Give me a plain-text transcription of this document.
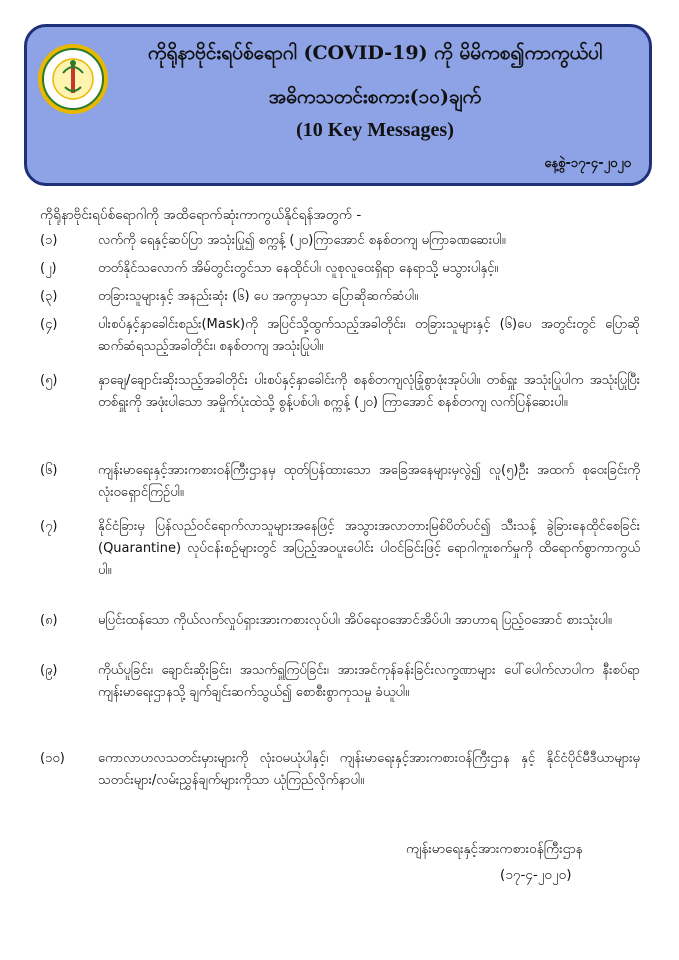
ကိုရိုနာဗိုင်းရပ်စ်ရောဂါ (COVID-19) ကို မိမိကစ၍ကာကွယ်ပါ
အဓိကသတင်းစကား(၁၀)ချက်
(10 Key Messages)
နေ့စွဲ-၁၇-၄-၂၀၂၀
ကိုရိုနာဗိုင်းရပ်စ်ရောဂါကို အထိရောက်ဆုံးကာကွယ်နိုင်ရန်အတွက် -
(၁)	လက်ကို ရေနှင့်ဆပ်ပြာ အသုံးပြု၍ စက္ကန့် (၂၀)ကြာအောင် စနစ်တကျ မကြာခဏဆေးပါ။
(၂)	တတ်နိုင်သလောက် အိမ်တွင်းတွင်သာ နေထိုင်ပါ၊ လူစုလူဝေးရှိရာ နေရာသို့ မသွားပါနှင့်။
(၃)	တခြားသူများနှင့် အနည်းဆုံး (၆) ပေ အကွာမှသာ ပြောဆိုဆက်ဆံပါ။
(၄)	ပါးစပ်နှင့်နှာခေါင်းစည်း(Mask)ကို အပြင်သို့ထွက်သည့်အခါတိုင်း၊ တခြားသူများနှင့် (၆)ပေ အတွင်းတွင် ပြောဆိုဆက်ဆံရသည့်အခါတိုင်း၊ စနစ်တကျ အသုံးပြုပါ။
(၅)	နှာချေ/ချောင်းဆိုးသည့်အခါတိုင်း ပါးစပ်နှင့်နှာခေါင်းကို စနစ်တကျလုံခြုံစွာဖုံးအုပ်ပါ။ တစ်ရှူး အသုံးပြုပါက အသုံးပြုပြီးတစ်ရှူးကို အဖုံးပါသော အမှိုက်ပုံးထဲသို့ စွန့်ပစ်ပါ၊ စက္ကန့် (၂၀) ကြာအောင် စနစ်တကျ လက်ပြန်ဆေးပါ။
(၆)	ကျန်းမာရေးနှင့်အားကစားဝန်ကြီးဌာနမှ ထုတ်ပြန်ထားသော အခြေအနေများမှလွဲ၍ လူ(၅)ဦး အထက် စုဝေးခြင်းကို လုံးဝရှောင်ကြဉ်ပါ။
(၇)	နိုင်ငံခြားမှ ပြန်လည်ဝင်ရောက်လာသူများအနေဖြင့် အသွားအလာတားမြစ်ပိတ်ပင်၍ သီးသန့် ခွဲခြားနေထိုင်စေခြင်း (Quarantine) လုပ်ငန်းစဉ်များတွင် အပြည့်အဝပူးပေါင်း ပါဝင်ခြင်းဖြင့် ရောဂါကူးစက်မှုကို ထိရောက်စွာကာကွယ်ပါ။
(၈)	မပြင်းထန်သော ကိုယ်လက်လှုပ်ရှားအားကစားလုပ်ပါ၊ အိပ်ရေးဝအောင်အိပ်ပါ၊ အာဟာရ ပြည့်ဝအောင် စားသုံးပါ။
(၉)	ကိုယ်ပူခြင်း၊ ချောင်းဆိုးခြင်း၊ အသက်ရှူကြပ်ခြင်း၊ အားအင်ကုန်ခန်းခြင်းလက္ခဏာများ ပေါ်ပေါက်လာပါက နီးစပ်ရာကျန်းမာရေးဌာနသို့ ချက်ချင်းဆက်သွယ်၍ စောစီးစွာကုသမှု ခံယူပါ။
(၁၀)	ကောလာဟလသတင်းမှားများကို လုံးဝမယုံပါနှင့်၊ ကျန်းမာရေးနှင့်အားကစားဝန်ကြီးဌာန နှင့် နိုင်ငံပိုင်မီဒီယာများမှ သတင်းများ/လမ်းညွှန်ချက်များကိုသာ ယုံကြည်လိုက်နာပါ။
ကျန်းမာရေးနှင့်အားကစားဝန်ကြီးဌာန
(၁၇-၄-၂၀၂၀)
